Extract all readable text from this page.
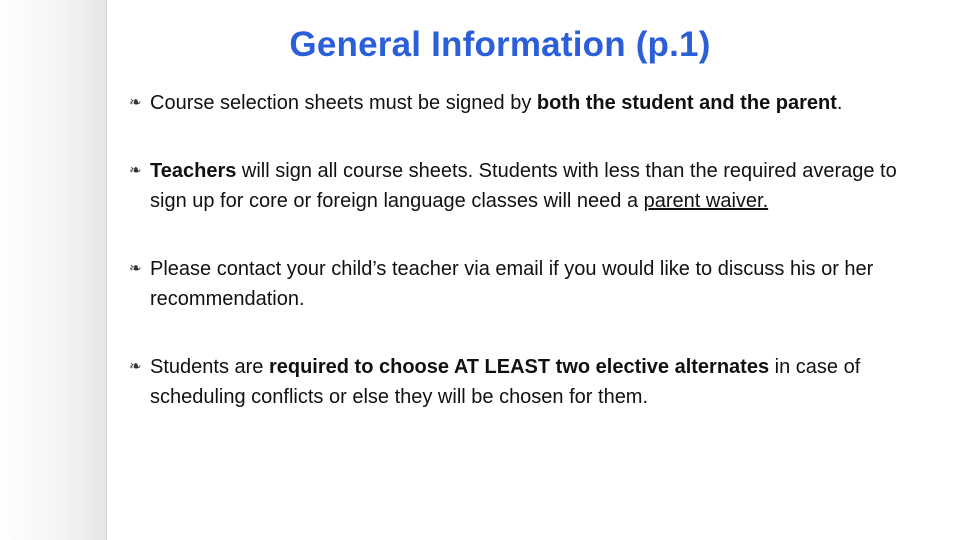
General Information (p.1)
❧ Course selection sheets must be signed by both the student and the parent.
❧ Teachers will sign all course sheets. Students with less than the required average to sign up for core or foreign language classes will need a parent waiver.
❧ Please contact your child’s teacher via email if you would like to discuss his or her recommendation.
❧ Students are required to choose AT LEAST two elective alternates in case of scheduling conflicts or else they will be chosen for them.
